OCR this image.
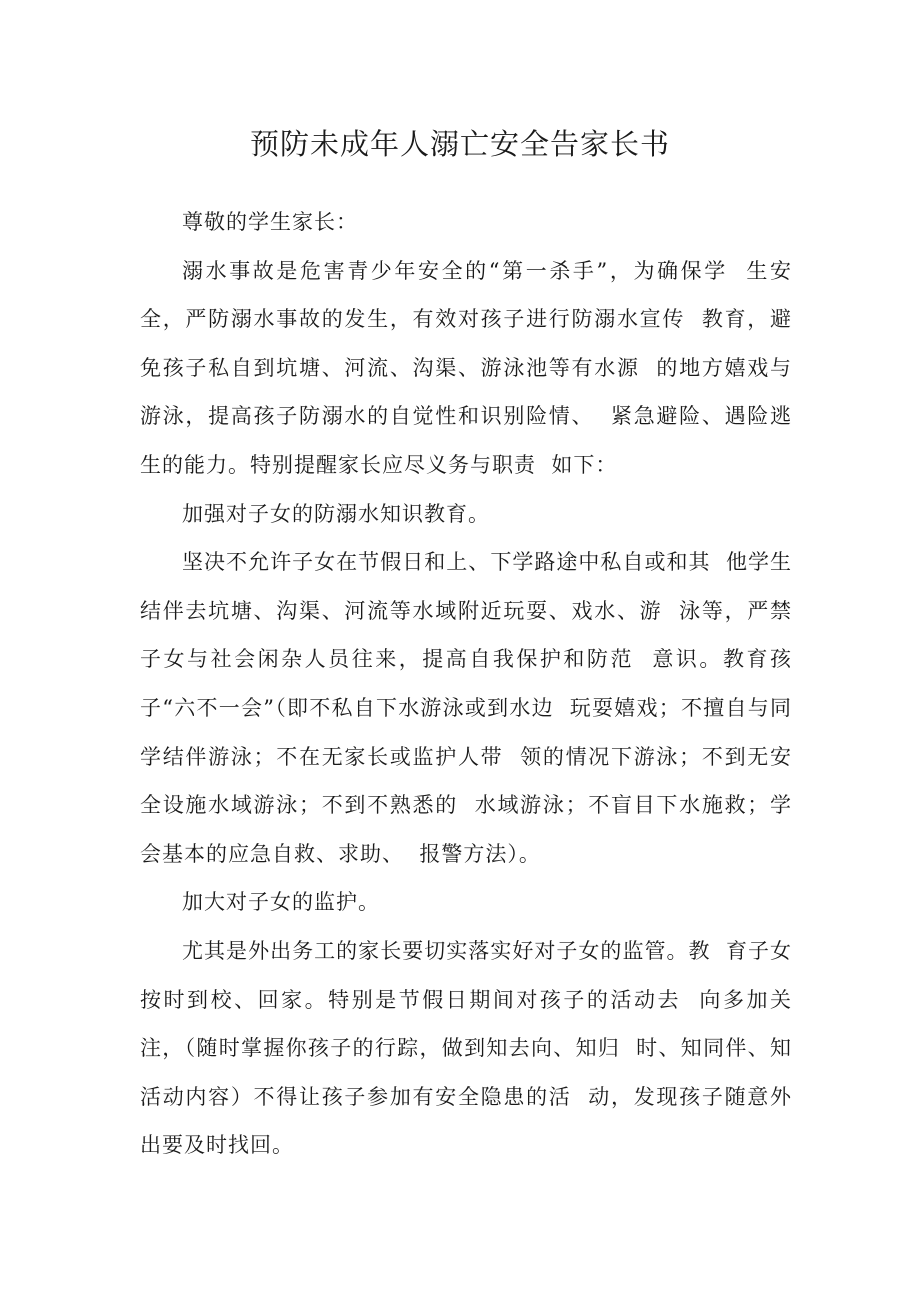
预防未成年人溺亡安全告家长书

尊敬的学生家长：

溺水事故是危害青少年安全的“第一杀手”，为确保学  生安全，严防溺水事故的发生，有效对孩子进行防溺水宣传  教育，避免孩子私自到坑塘、河流、沟渠、游泳池等有水源  的地方嬉戏与游泳，提高孩子防溺水的自觉性和识别险情、  紧急避险、遇险逃生的能力。特别提醒家长应尽义务与职责  如下：

加强对子女的防溺水知识教育。

坚决不允许子女在节假日和上、下学路途中私自或和其  他学生结伴去坑塘、沟渠、河流等水域附近玩耍、戏水、游  泳等，严禁子女与社会闲杂人员往来，提高自我保护和防范  意识。教育孩子“六不一会”（即不私自下水游泳或到水边  玩耍嬉戏；不擅自与同学结伴游泳；不在无家长或监护人带  领的情况下游泳；不到无安全设施水域游泳；不到不熟悉的  水域游泳；不盲目下水施救；学会基本的应急自救、求助、  报警方法）。

加大对子女的监护。

尤其是外出务工的家长要切实落实好对子女的监管。教  育子女按时到校、回家。特别是节假日期间对孩子的活动去  向多加关注，（随时掌握你孩子的行踪，做到知去向、知归  时、知同伴、知活动内容）不得让孩子参加有安全隐患的活  动，发现孩子随意外出要及时找回。
